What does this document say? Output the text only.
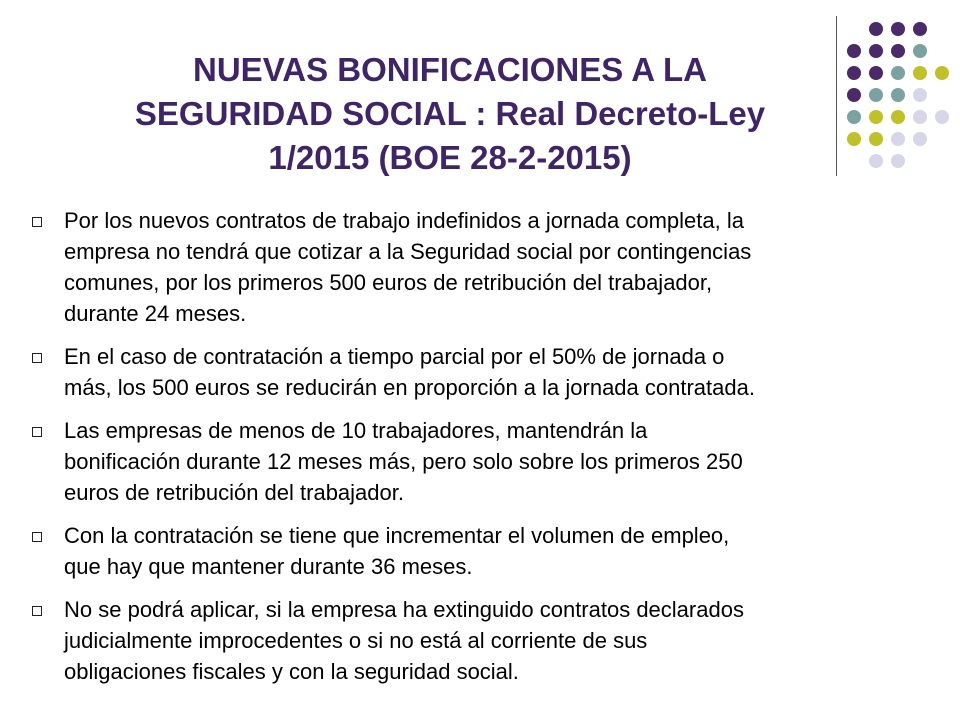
NUEVAS BONIFICACIONES A LA
SEGURIDAD SOCIAL : Real Decreto-Ley
1/2015 (BOE 28-2-2015)
Por los nuevos contratos de trabajo indefinidos a jornada completa, la
empresa no tendrá que cotizar a la Seguridad social por contingencias
comunes, por los primeros 500 euros de retribución del trabajador,
durante 24 meses.
En el caso de contratación a tiempo parcial por el 50% de jornada o
más, los 500 euros se reducirán en proporción a la jornada contratada.
Las empresas de menos de 10 trabajadores, mantendrán la
bonificación durante 12 meses más, pero solo sobre los primeros 250
euros de retribución del trabajador.
Con la contratación se tiene que incrementar el volumen de empleo,
que hay que mantener durante 36 meses.
No se podrá aplicar, si la empresa ha extinguido contratos declarados
judicialmente improcedentes o si no está al corriente de sus
obligaciones fiscales y con la seguridad social.
